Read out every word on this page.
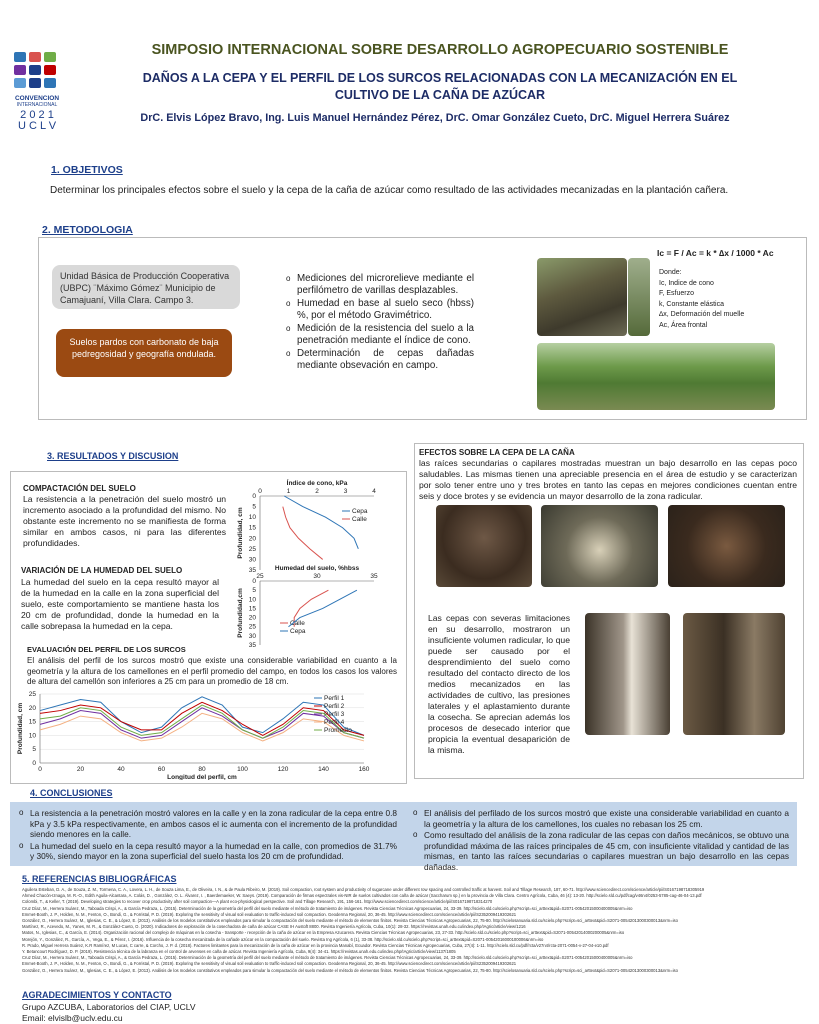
CONVENCION
INTERNACIONAL
2 0 2 1
U C L V
SIMPOSIO INTERNACIONAL SOBRE DESARROLLO AGROPECUARIO SOSTENIBLE
DAÑOS A LA CEPA Y EL PERFIL DE LOS SURCOS RELACIONADAS CON LA MECANIZACIÓN EN EL CULTIVO DE LA CAÑA DE AZÚCAR
DrC. Elvis López Bravo, Ing. Luis Manuel Hernández Pérez, DrC. Omar González Cueto, DrC. Miguel Herrera Suárez
1. OBJETIVOS
Determinar los principales efectos sobre el suelo y la cepa de la caña de azúcar como resultado de las actividades mecanizadas en la plantación cañera.
2. METODOLOGIA
Unidad Básica de Producción Cooperativa (UBPC) ¨Máximo Gómez¨ Municipio de Camajuaní, Villa Clara. Campo 3.
Suelos pardos con carbonato de baja pedregosidad y geografía ondulada.
o Mediciones del microrelieve mediante el perfilómetro de varillas desplazables.
o Humedad en base al suelo seco (hbss) %, por el método Gravimétrico.
o Medición de la resistencia del suelo a la penetración mediante el índice de cono.
o Determinación de cepas dañadas mediante obsevación en campo.
Ic = F / Ac = k * ∆x / 1000 * Ac
Donde:
Ic, Indice de cono
F, Esfuerzo
k, Constante elástica
∆x, Deformación del muelle
Ac, Área frontal
3. RESULTADOS Y DISCUSION
COMPACTACIÓN DEL SUELO
La resistencia a la penetración del suelo mostró un incremento asociado a la profundidad del mismo. No obstante este incremento no se manifiesta de forma similar en ambos casos, ni para las diferentes profundidades.
VARIACIÓN DE LA HUMEDAD DEL SUELO
La humedad del suelo en la cepa resultó mayor al de la humedad en la calle en la zona superficial del suelo, este comportamiento se mantiene hasta los 20 cm de profundidad, donde la humedad en la calle sobrepasa la humedad en la cepa.
EVALUACIÓN DEL PERFIL DE LOS SURCOS
El análisis del perfil de los surcos mostró que existe una considerable variabilidad en cuanto a la geometría y la altura de los camellones en el perfil promedio del campo, en todos los casos los valores de altura del camellón son inferiores a 25 cm para un promedio de 18 cm.
Índice de cono, kPa
0	1	2	3	4
0
5
10
15
20
25
30
35
Profundidad, cm	Cepa
Calle
Humedad del suelo, %hbss
25	30	35
0
5
10
15
20
25
30
35
Profundidad,cm	Calle
Cepa
0
5
10
15
20
25
0	20	40	60	80	100	120	140	160
Longitud del perfil, cm
Profundidad, cm
Perfil 1
Perfil 2
Perfil 3
Perfil 4
Promedio
EFECTOS SOBRE LA CEPA DE LA CAÑA
las raíces secundarias o capilares mostradas muestran un bajo desarrollo en las cepas poco saludables. Las mismas tienen una apreciable presencia en el área de estudio y se caracterizan por solo tener entre uno y tres brotes en tanto las cepas en mejores condiciones cuentan entre seis y doce brotes y se evidencia un mayor desarrollo de la zona radicular.
Las cepas con severas limitaciones en su desarrollo, mostraron un insuficiente volumen radicular, lo que puede ser causado por el desprendimiento del suelo como resultado del contacto directo de los medios mecanizados en las actividades de cultivo, las presiones laterales y el aplastamiento durante la cosecha. Se aprecian además los procesos de desecado interior que propicia la eventual desaparición de la misma.
4. CONCLUSIONES
o La resistencia a la penetración mostró valores en la calle y en la zona radicular de la cepa entre 0.8 kPa y 3.5 kPa respectivamente, en ambos casos el ic aumenta con el incremento de la profundidad siendo menores en la calle.
o La humedad del suelo en la cepa resultó mayor a la humedad en la calle, con promedios de 31.7% y 30%, siendo mayor en la zona superficial del suelo hasta los 20 cm de profundidad.
o El análisis del perfilado de los surcos mostró que existe una considerable variabilidad en cuanto a la geometría y la altura de los camellones, los cuales no rebasan los 25 cm.
o Como resultado del análisis de la zona radicular de las cepas con daños mecánicos, se obtuvo una profundidad máxima de las raíces principales de 45 cm, con insuficiente vitalidad y cantidad de las mismas, en tanto las raíces secundarias o capilares muestran un bajo desarrollo en las cepas dañadas.
5. REFERENCIAS BIBLIOGRÁFICAS
Aguilera Esteban, D. A., de Souza, Z. M., Tormena, C. A., Lovera, L. H., de Souza Lima, E., de Oliveira, I. N., & de Paula Ribeiro, M. (2019). Soil compaction, root system and productivity of sugarcane under different row spacing and controlled traffic at harvest. Soil and Tillage Research, 187, 60-71. http://www.sciencedirect.com/science/article/pii/S0167198718305919
Ahmed Chacón-Iznaga, M. R.-O., Edith Aguila-Alcantara, A. Colás, D. , González, O. L. Álvarez, I. , Baerdemaeker, W. Saeys. (2019). Comparación de firmas espectrales vis-NIR de suelos cultivados con caña de azúcar (Saccharum sp.) en la provincia de Villa Clara. Centro Agrícola, Cuba, 46 (4): 13-20. http://scielo.sld.cu/pdf/cag/v46n4/0253-5785-cag-46-04-13.pdf
Colombi, T., & Keller, T. (2019). Developing strategies to recover crop productivity after soil compaction—A plant eco-physiological perspective. Soil and Tillage Research, 191, 156-161. http://www.sciencedirect.com/science/article/pii/S0167198718314270
Cruz Díaz, M., Herrera Suárez, M., Taboada Crispi, A., & García Pedraza, L. (2015). Determinación de la geometría del perfil del suelo mediante el método de tratamiento de imágenes. Revista Ciencias Técnicas Agropecuarias, 24, 33-39. http://scielo.sld.cu/scielo.php?script=sci_arttext&pid=S2071-00542015000400005&nrm=iso
Emmet-Booth, J. P., Holden, N. M., Fenton, O., Bondi, G., & Forristal, P. D. (2019). Exploring the sensitivity of visual soil evaluation to traffic-induced soil compaction. Geoderma Regional, 20, 36-45. http://www.sciencedirect.com/science/article/pii/S2352009419302621
González, O., Herrera Suárez, M., Iglesias, C. E., & López, E. (2013). Análisis de los modelos constitutivos empleados para simular la compactación del suelo mediante el método de elementos finitos. Revista Ciencias Técnicas Agropecuarias, 22, 75-80. http://scielosanuaria.sld.cu/scielo.php?script=sci_arttext&pid=S2071-00542013000300013&nrm=iso
Martínez, R., Acevedo, M., Yanes, M. R., & González-Cueto, O. (2020). Indicadores de exploración de la cosechadora de caña de azúcar CASE IH Austoft 8800. Revista Ingeniería Agrícola, Cuba, 10(1): 28-32. https://revistas.unah.edu.cu/index.php/IAgric/article/view/1216
Matos, N., Iglesias, C., & García, E. (2014). Organización racional del complejo de máquinas en la cosecha - transporte - recepción de la caña de azúcar en la Empresa Azucarera. Revista Ciencias Técnicas Agropecuarias, 23, 27-33. http://scielo.sld.cu/scielo.php?script=sci_arttext&pid=S2071-00542014000200005&nrm=iso
Morejón, Y., González, R., García, A., Vega, E., & Pérez, I. (2016). Influencia de la cosecha mecanizada de la cañade azúcar en la compactación del suelo. Revista Ing Agrícola, 6 (1), 33-38. http://scielo.sld.cu/scielo.php?script=sci_arttext&pid=S2071-00542016000100006&nrm=iso
R. Prado, Miguel Herrera Suárez, K.R Ramírez, M Lucas, C carre, & Corcho, J. P. d. (2018). Factores limitantes para la mecanización de la caña de azúcar en la provincia Manabí, Ecuador. Revista Ciencias Técnicas Agropecuarias, Cuba, 27(4): 1-11. http://scielo.sld.cu/pdf/rcta/v27n4/rcta-2071-0054-v-27-04-e10.pdf
Y. Betancourt Rodríguez, D. P. (2019). Resistencia técnica de la labranza en el control de arvenses en caña de azúcar. Revista Ingeniería Agrícola, Cuba, 9(4): 34-41. https://revistas.unah.edu.cu/index.php/IAgric/article/view/1137/1805
Cruz Díaz, M., Herrera Suárez, M., Taboada Crispi, A., & García Pedraza, L. (2015). Determinación de la geometría del perfil del suelo mediante el método de tratamiento de imágenes. Revista Ciencias Técnicas Agropecuarias, 24, 33-39. http://scielo.sld.cu/scielo.php?script=sci_arttext&pid=S2071-00542015000400005&nrm=iso
Emmet-Booth, J. P., Holden, N. M., Fenton, O., Bondi, G., & Forristal, P. D. (2019). Exploring the sensitivity of visual soil evaluation to traffic-induced soil compaction. Geoderma Regional, 20, 36-45. http://www.sciencedirect.com/science/article/pii/S2352009419302621
González, O., Herrera Suárez, M., Iglesias, C. E., & López, E. (2013). Análisis de los modelos constitutivos empleados para simular la compactación del suelo mediante el método de elementos finitos. Revista Ciencias Técnicas Agropecuarias, 22, 75-80. http://scielosanuaria.sld.cu/scielo.php?script=sci_arttext&pid=S2071-00542013000300013&nrm=iso
AGRADECIMIENTOS Y CONTACTO
Grupo AZCUBA, Laboratorios del CIAP, UCLV
Email: elvislb@uclv.edu.cu
